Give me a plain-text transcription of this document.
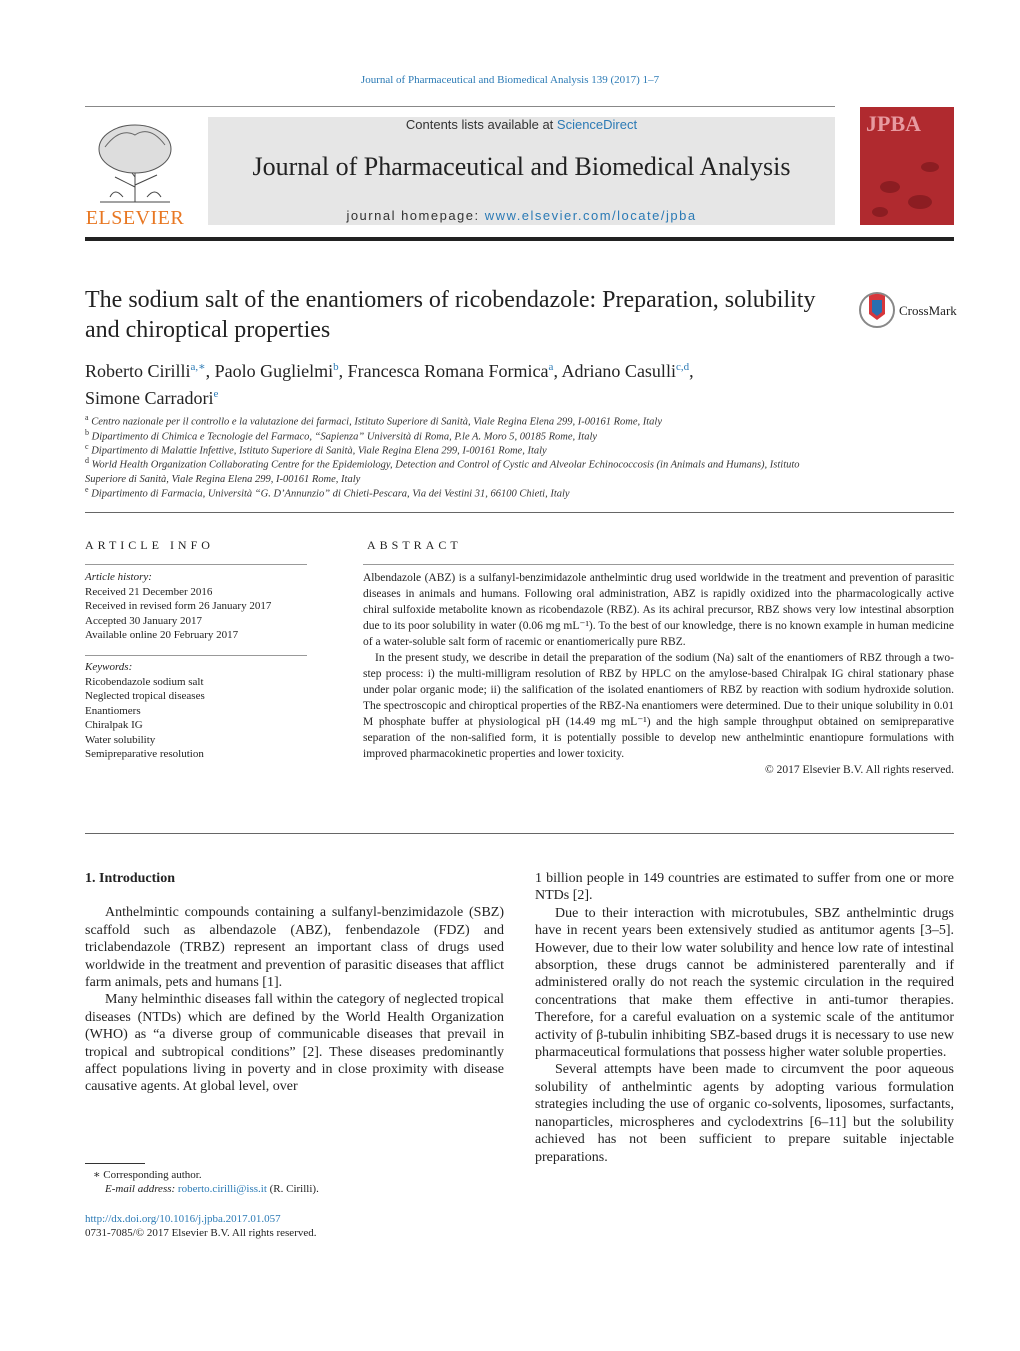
Journal of Pharmaceutical and Biomedical Analysis 139 (2017) 1–7
ELSEVIER
Contents lists available at ScienceDirect
Journal of Pharmaceutical and Biomedical Analysis
journal homepage: www.elsevier.com/locate/jpba
JPBA
The sodium salt of the enantiomers of ricobendazole: Preparation, solubility and chiroptical properties
CrossMark
Roberto Cirilli$^{a,∗}$, Paolo Guglielmi$^b$, Francesca Romana Formica$^a$, Adriano Casulli$^{c,d}$,
Simone Carradori$^e$
$^a$ Centro nazionale per il controllo e la valutazione dei farmaci, Istituto Superiore di Sanità, Viale Regina Elena 299, I-00161 Rome, Italy
$^b$ Dipartimento di Chimica e Tecnologie del Farmaco, “Sapienza” Università di Roma, P.le A. Moro 5, 00185 Rome, Italy
$^c$ Dipartimento di Malattie Infettive, Istituto Superiore di Sanità, Viale Regina Elena 299, I-00161 Rome, Italy
$^d$ World Health Organization Collaborating Centre for the Epidemiology, Detection and Control of Cystic and Alveolar Echinococcosis (in Animals and Humans), Istituto Superiore di Sanità, Viale Regina Elena 299, I-00161 Rome, Italy
$^e$ Dipartimento di Farmacia, Università “G. D’Annunzio” di Chieti-Pescara, Via dei Vestini 31, 66100 Chieti, Italy
ARTICLE INFO
Article history:
Received 21 December 2016
Received in revised form 26 January 2017
Accepted 30 January 2017
Available online 20 February 2017
Keywords:
Ricobendazole sodium salt
Neglected tropical diseases
Enantiomers
Chiralpak IG
Water solubility
Semipreparative resolution
ABSTRACT

Albendazole (ABZ) is a sulfanyl-benzimidazole anthelmintic drug used worldwide in the treatment and prevention of parasitic diseases in animals and humans. Following oral administration, ABZ is rapidly oxidized into the pharmacologically active chiral sulfoxide metabolite known as ricobendazole (RBZ). As its achiral precursor, RBZ shows very low intestinal absorption due to its poor solubility in water (0.06 mg mL⁻¹). To the best of our knowledge, there is no known example in human medicine of a water-soluble salt form of racemic or enantiomerically pure RBZ.

In the present study, we describe in detail the preparation of the sodium (Na) salt of the enantiomers of RBZ through a two-step process: i) the multi-milligram resolution of RBZ by HPLC on the amylose-based Chiralpak IG chiral stationary phase under polar organic mode; ii) the salification of the isolated enantiomers of RBZ by reaction with sodium hydroxide solution. The spectroscopic and chiroptical properties of the RBZ-Na enantiomers were determined. Due to their unique solubility in 0.01 M phosphate buffer at physiological pH (14.49 mg mL⁻¹) and the high sample throughput obtained on semipreparative separation of the non-salified form, it is potentially possible to develop new anthelmintic enantiopure formulations with improved pharmacokinetic properties and lower toxicity.

© 2017 Elsevier B.V. All rights reserved.
1. Introduction

Anthelmintic compounds containing a sulfanyl-benzimidazole (SBZ) scaffold such as albendazole (ABZ), fenbendazole (FDZ) and triclabendazole (TRBZ) represent an important class of drugs used worldwide in the treatment and prevention of parasitic diseases that afflict farm animals, pets and humans [1].

Many helminthic diseases fall within the category of neglected tropical diseases (NTDs) which are defined by the World Health Organization (WHO) as “a diverse group of communicable diseases that prevail in tropical and subtropical conditions” [2]. These diseases predominantly affect populations living in poverty and in close proximity with disease causative agents. At global level, over

1 billion people in 149 countries are estimated to suffer from one or more NTDs [2].

Due to their interaction with microtubules, SBZ anthelmintic drugs have in recent years been extensively studied as antitumor agents [3–5]. However, due to their low water solubility and hence low rate of intestinal absorption, these drugs cannot be administered parenterally and if administered orally do not reach the systemic circulation in the required concentrations that make them effective in anti-tumor therapies. Therefore, for a careful evaluation on a systemic scale of the antitumor activity of β-tubulin inhibiting SBZ-based drugs it is necessary to use new pharmaceutical formulations that possess higher water soluble properties.

Several attempts have been made to circumvent the poor aqueous solubility of anthelmintic agents by adopting various formulation strategies including the use of organic co-solvents, liposomes, surfactants, nanoparticles, microspheres and cyclodextrins [6–11] but the solubility achieved has not been sufficient to prepare suitable injectable preparations.

∗ Corresponding author.
E-mail address: roberto.cirilli@iss.it (R. Cirilli).
http://dx.doi.org/10.1016/j.jpba.2017.01.057
0731-7085/© 2017 Elsevier B.V. All rights reserved.
